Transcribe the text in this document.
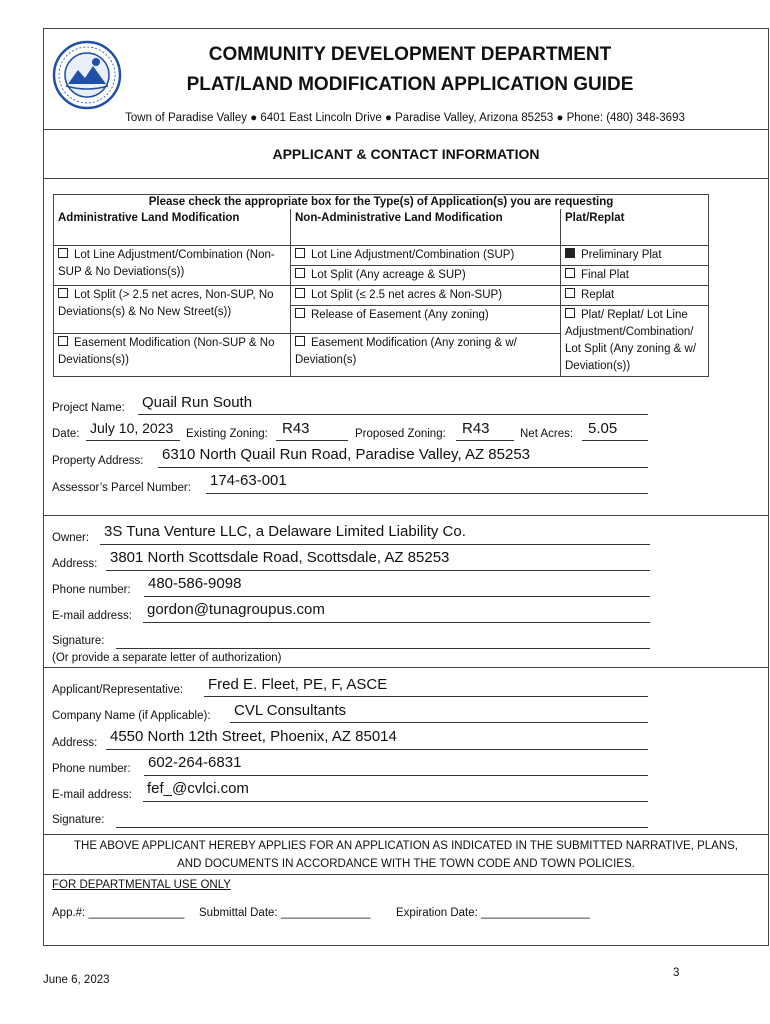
COMMUNITY DEVELOPMENT DEPARTMENT
PLAT/LAND MODIFICATION APPLICATION GUIDE
Town of Paradise Valley ● 6401 East Lincoln Drive ● Paradise Valley, Arizona 85253 ● Phone: (480) 348-3693
APPLICANT & CONTACT INFORMATION
Please check the appropriate box for the Type(s) of Application(s) you are requesting		
Administrative Land Modification	Non-Administrative Land Modification	Plat/Replat
Lot Line Adjustment/Combination (Non-SUP & No Deviations(s))	Lot Line Adjustment/Combination (SUP)	Preliminary Plat
	Lot Split (Any acreage & SUP)	Final Plat
Lot Split (> 2.5 net acres, Non-SUP, No Deviations(s) & No New Street(s))	Lot Split (≤ 2.5 net acres & Non-SUP)	Replat
	Release of Easement (Any zoning)	Plat/ Replat/ Lot Line Adjustment/Combination/ Lot Split (Any zoning & w/ Deviation(s))
Easement Modification (Non-SUP & No Deviations(s))	Easement Modification (Any zoning & w/ Deviation(s)	
Project Name: Quail Run South
Date: July 10, 2023 Existing Zoning: R43	Proposed Zoning: R43	Net Acres: 5.05
Property Address: 6310 North Quail Run Road, Paradise Valley, AZ 85253
Assessor’s Parcel Number: 174-63-001
Owner: 3S Tuna Venture LLC, a Delaware Limited Liability Co.
Address: 3801 North Scottsdale Road, Scottsdale, AZ 85253
Phone number: 480-586-9098
E-mail address: gordon@tunagroupus.com
Signature:
(Or provide a separate letter of authorization)
Applicant/Representative: Fred E. Fleet, PE, F, ASCE
Company Name (if Applicable): CVL Consultants
Address: 4550 North 12th Street, Phoenix, AZ 85014
Phone number: 602-264-6831
E-mail address: fef_@cvlci.com
Signature:
THE ABOVE APPLICANT HEREBY APPLIES FOR AN APPLICATION AS INDICATED IN THE SUBMITTED NARRATIVE, PLANS,
AND DOCUMENTS IN ACCORDANCE WITH THE TOWN CODE AND TOWN POLICIES.
FOR DEPARTMENTAL USE ONLY
App.#: _______________ Submittal Date: ______________ Expiration Date: _________________
June 6, 2023
3
